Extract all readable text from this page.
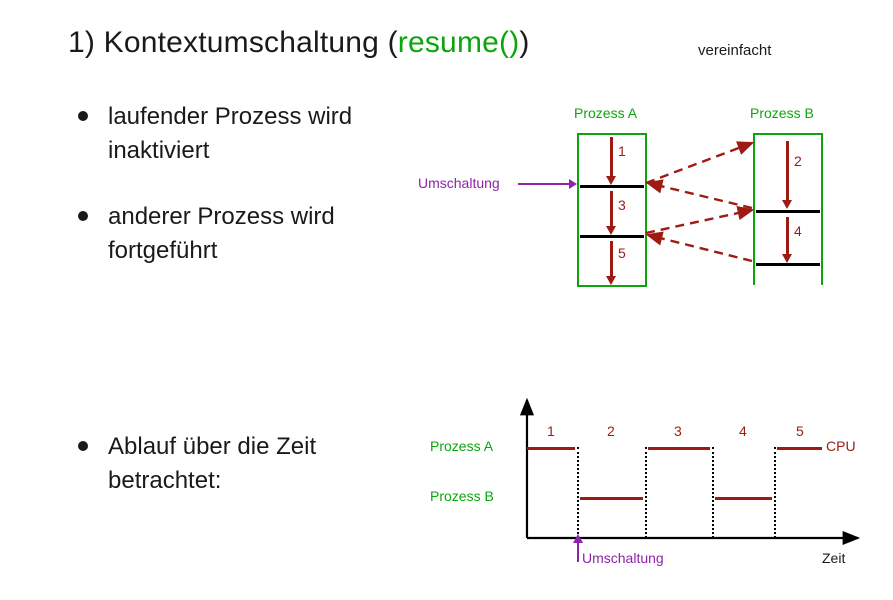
1) Kontextumschaltung (resume())	vereinfacht
laufender Prozess wird inaktiviert
anderer Prozess wird fortgeführt
Ablauf über die Zeit betrachtet:
Prozess A	Prozess B
1
3
5
2
4
Umschaltung
Prozess A
Prozess B
CPU
Zeit
1	2	3	4	5
Umschaltung
